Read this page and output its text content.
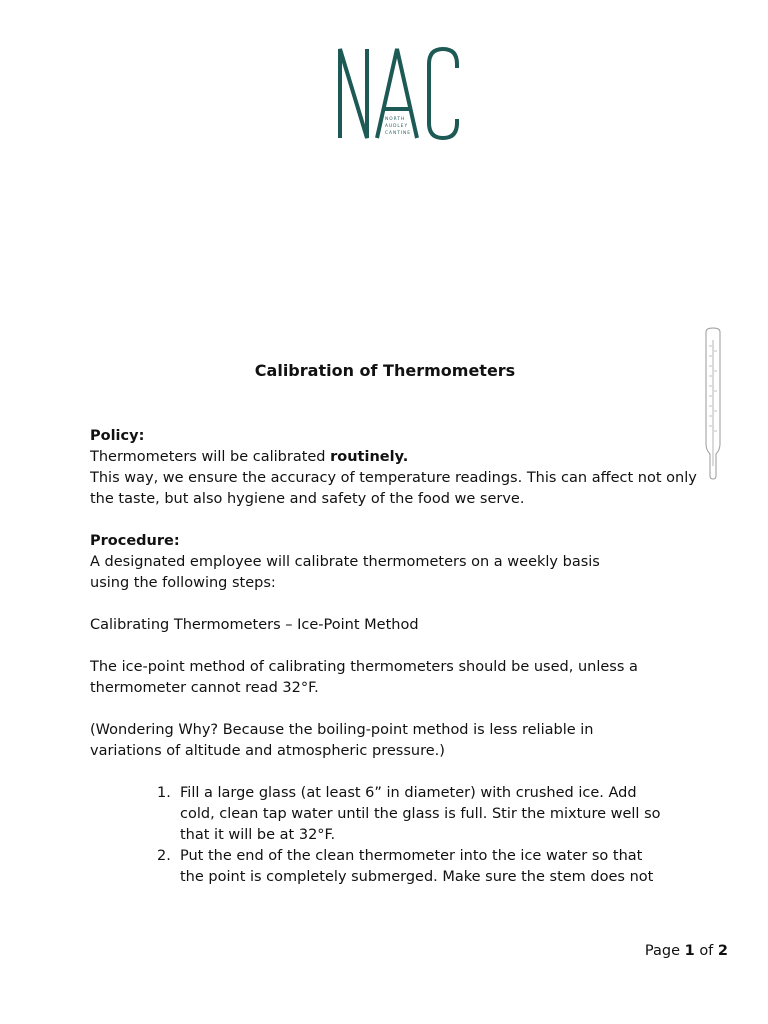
NORTH
AUDLEY
CANTINE
Calibration of Thermometers

Policy:

Thermometers will be calibrated routinely.

This way, we ensure the accuracy of temperature readings. This can affect not only the taste, but also hygiene and safety of the food we serve.

Procedure:

A designated employee will calibrate thermometers on a weekly basis using the following steps:

Calibrating Thermometers – Ice-Point Method

The ice-point method of calibrating thermometers should be used, unless a thermometer cannot read 32°F.

(Wondering Why? Because the boiling-point method is less reliable in variations of altitude and atmospheric pressure.)

1. Fill a large glass (at least 6” in diameter) with crushed ice. Add cold, clean tap water until the glass is full. Stir the mixture well so that it will be at 32°F.
2. Put the end of the clean thermometer into the ice water so that the point is completely submerged. Make sure the stem does not
Page 1 of 2
